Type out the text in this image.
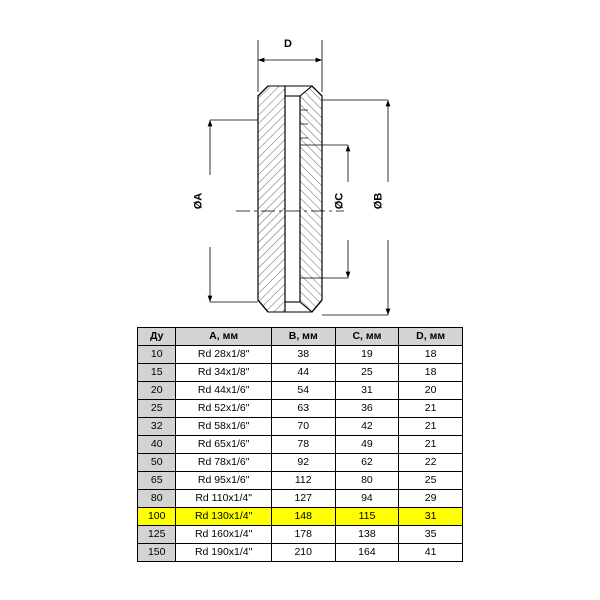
D
ØA	ØC ØB
Ду	A, мм	B, мм	C, мм	D, мм
10	Rd 28x1/8"	38	19	18
15	Rd 34x1/8"	44	25	18
20	Rd 44x1/6"	54	31	20
25	Rd 52x1/6"	63	36	21
32	Rd 58x1/6"	70	42	21
40	Rd 65x1/6"	78	49	21
50	Rd 78x1/6"	92	62	22
65	Rd 95x1/6"	112	80	25
80	Rd 110x1/4"	127	94	29
100	Rd 130x1/4"	148	115	31
125	Rd 160x1/4"	178	138	35
150	Rd 190x1/4"	210	164	41
